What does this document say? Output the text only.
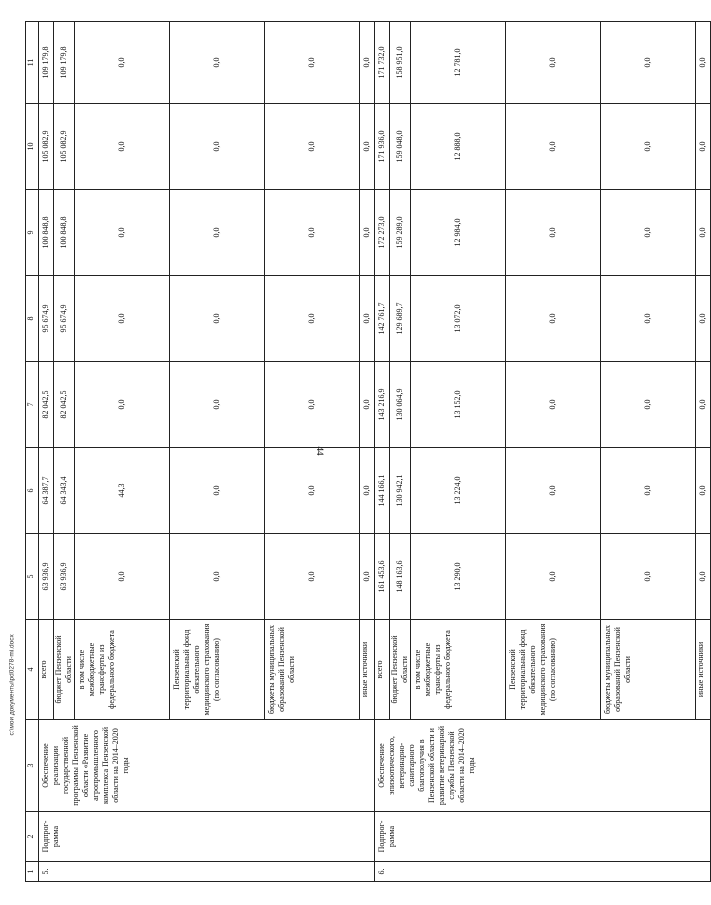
44
1	2	3	4	5	6	7	8	9	10	11
5.	Подпрог-рамма	Обеспечение реализации государственной программы Пензенской области «Развитие агропромышленного комплекса Пензенской области на 2014–2020 годы	всего	63 936,9	64 387,7	82 042,5	95 674,9	100 848,8	105 082,9	109 179,8
			бюджет Пензенской области	63 936,9	64 343,4	82 042,5	95 674,9	100 848,8	105 082,9	109 179,8
			в том числе межбюджетные трансферты из федерального бюджета	0,0	44,3	0,0	0,0	0,0	0,0	0,0
			Пензенский территориальный фонд обязательного медицинского страхования (по согласованию)	0,0	0,0	0,0	0,0	0,0	0,0	0,0
			бюджеты муниципальных образований Пензенской области	0,0	0,0	0,0	0,0	0,0	0,0	0,0
			иные источники	0,0	0,0	0,0	0,0	0,0	0,0	0,0
6.	Подпрог-рамма	Обеспечение эпизоотического, ветеринарно-санитарного благополучия в Пензенской области и развитие ветеринарной службы Пензенской области на 2014–2020 годы	всего	161 453,6	144 166,1	143 216,9	142 761,7	172 273,0	171 936,0	171 732,0
			бюджет Пензенской области	148 163,6	130 942,1	130 064,9	129 689,7	159 289,0	159 048,0	158 951,0
			в том числе межбюджетные трансферты из федерального бюджета	13 290,0	13 224,0	13 152,0	13 072,0	12 984,0	12 888,0	12 781,0
			Пензенский территориальный фонд обязательного медицинского страхования (по согласованию)	0,0	0,0	0,0	0,0	0,0	0,0	0,0
			бюджеты муниципальных образований Пензенской области	0,0	0,0	0,0	0,0	0,0	0,0	0,0
			иные источники	0,0	0,0	0,0	0,0	0,0	0,0	0,0
c:\мои документы\pd0278-mi.docx
